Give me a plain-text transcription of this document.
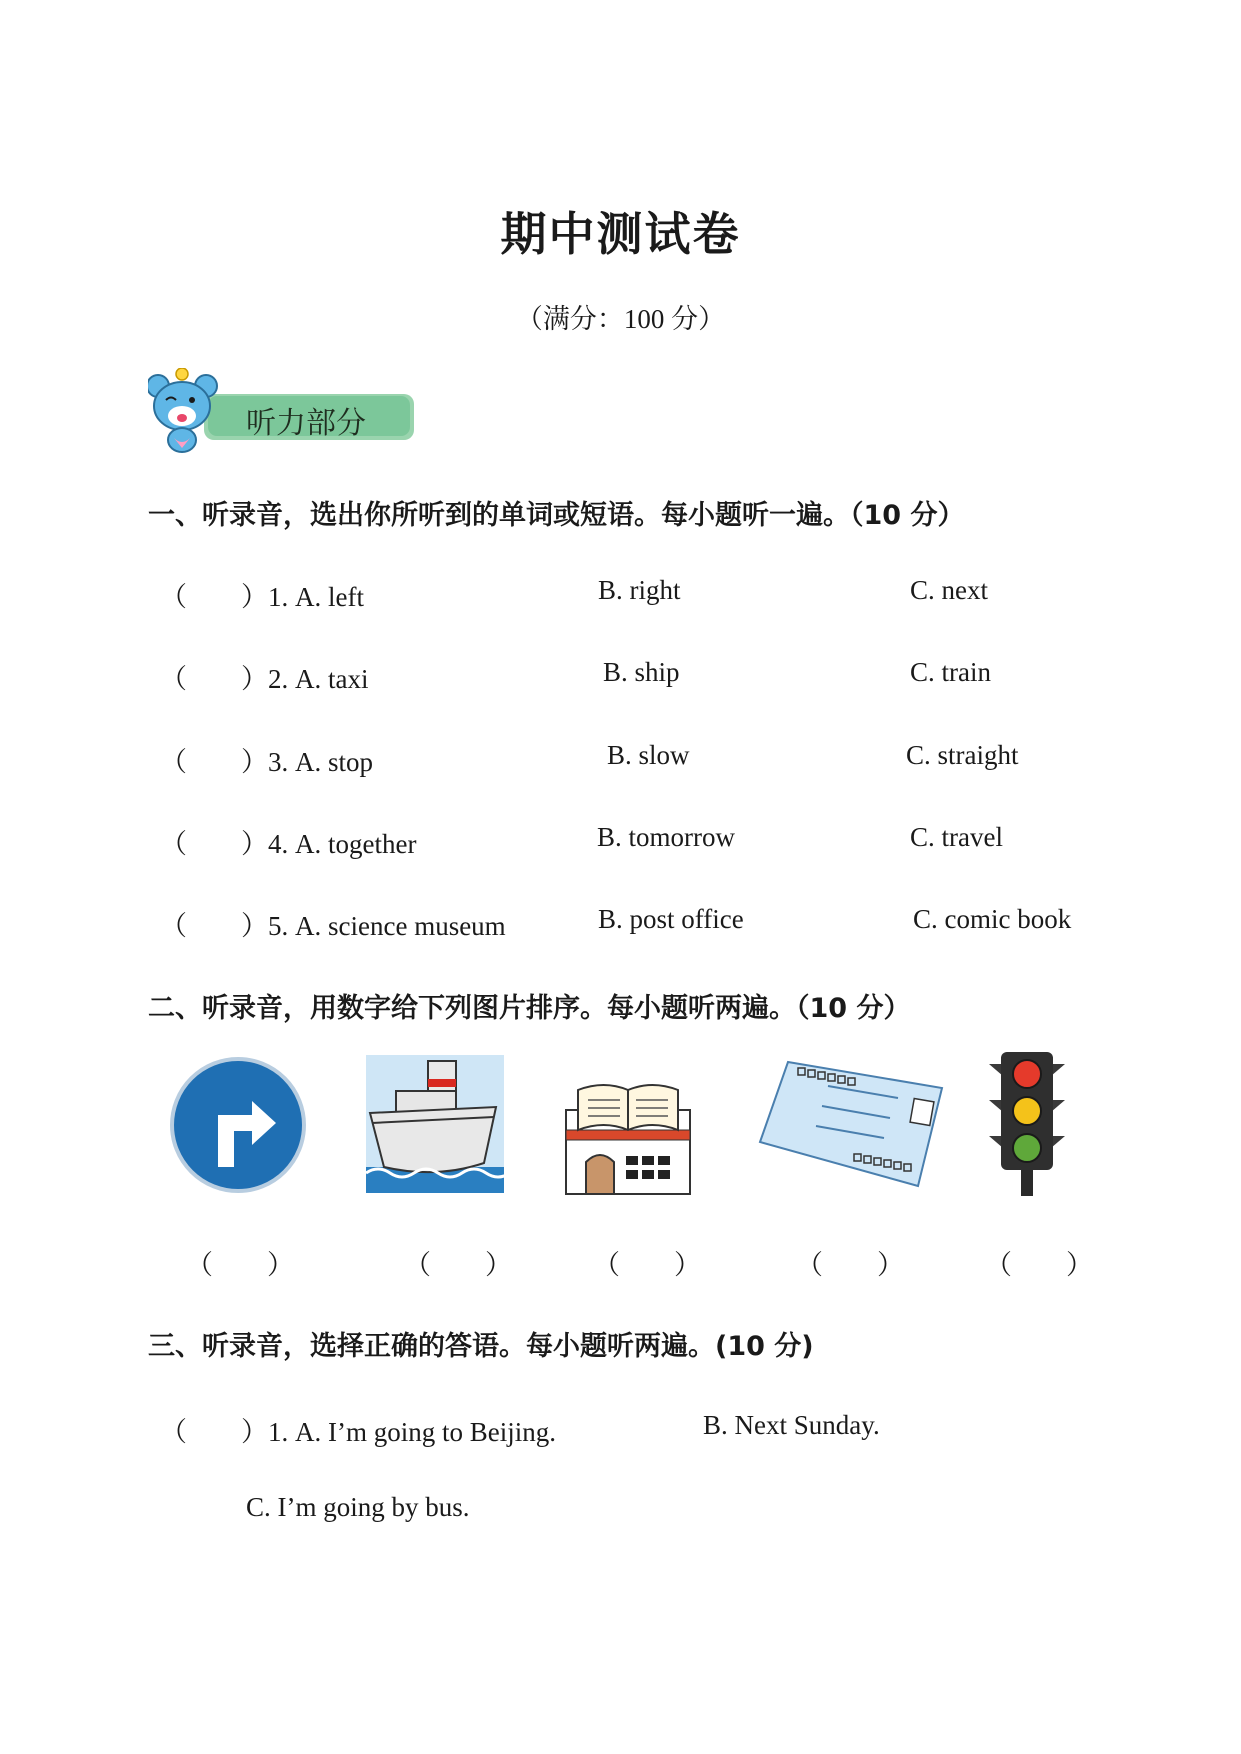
期中测试卷
（满分：100 分）
听力部分
一、听录音，选出你所听到的单词或短语。每小题听一遍。（10 分）
（　　）1. A. left	B. right	C. next
（　　）2. A. taxi	B. ship	C. train
（　　）3. A. stop	B. slow	C. straight
（　　）4. A. together	B. tomorrow	C. travel
（　　）5. A. science museum	B. post office	C. comic book
二、听录音，用数字给下列图片排序。每小题听两遍。（10 分）
（　　）	（　　）	（　　）	（　　）	（　　）
三、听录音，选择正确的答语。每小题听两遍。(10 分)
（　　）1. A. I’m going to Beijing.	B. Next Sunday.
C. I’m going by bus.
